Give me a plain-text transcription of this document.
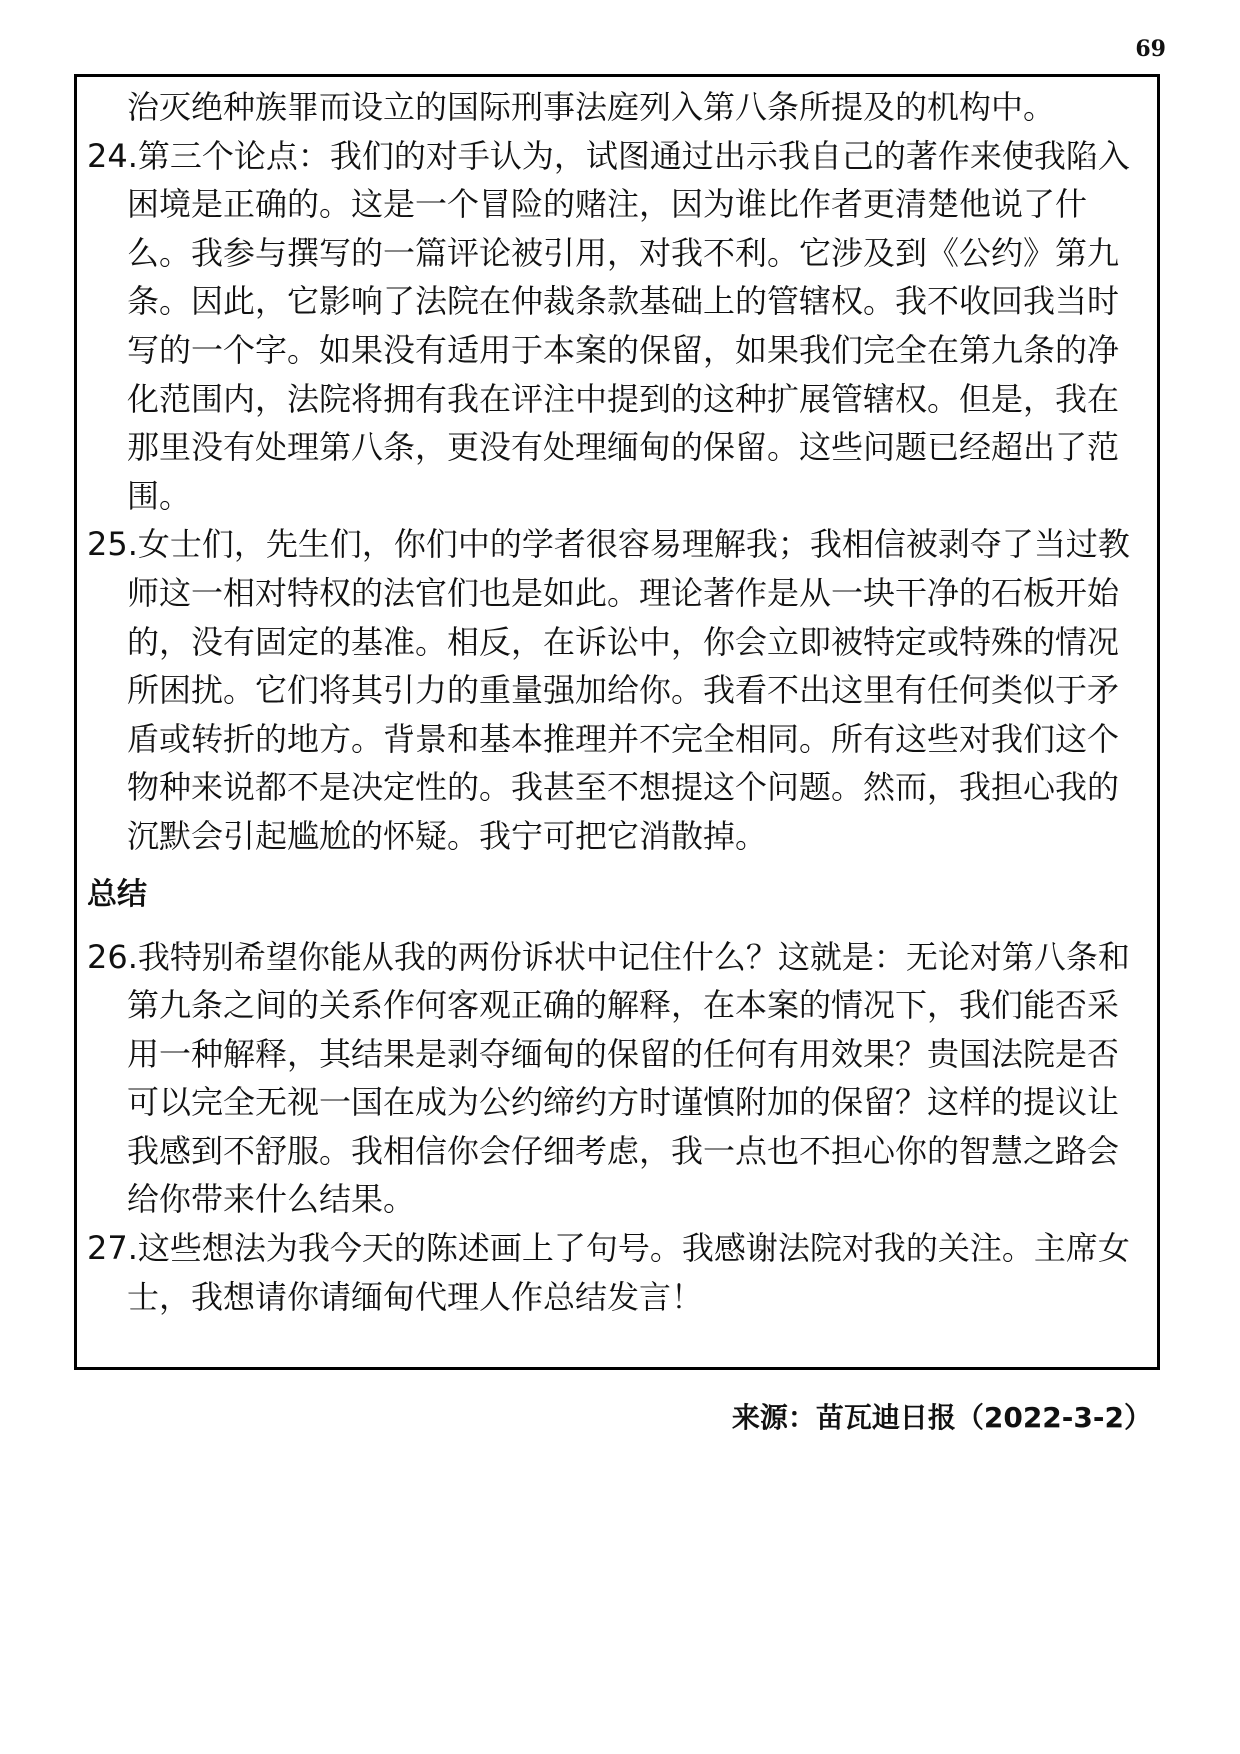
69

治灭绝种族罪而设立的国际刑事法庭列入第八条所提及的机构中。

24.第三个论点：我们的对手认为，试图通过出示我自己的著作来使我陷入困境是正确的。这是一个冒险的赌注，因为谁比作者更清楚他说了什么。我参与撰写的一篇评论被引用，对我不利。它涉及到《公约》第九条。因此，它影响了法院在仲裁条款基础上的管辖权。我不收回我当时写的一个字。如果没有适用于本案的保留，如果我们完全在第九条的净化范围内，法院将拥有我在评注中提到的这种扩展管辖权。但是，我在那里没有处理第八条，更没有处理缅甸的保留。这些问题已经超出了范围。

25.女士们，先生们，你们中的学者很容易理解我；我相信被剥夺了当过教师这一相对特权的法官们也是如此。理论著作是从一块干净的石板开始的，没有固定的基准。相反，在诉讼中，你会立即被特定或特殊的情况所困扰。它们将其引力的重量强加给你。我看不出这里有任何类似于矛盾或转折的地方。背景和基本推理并不完全相同。所有这些对我们这个物种来说都不是决定性的。我甚至不想提这个问题。然而，我担心我的沉默会引起尴尬的怀疑。我宁可把它消散掉。

总结

26.我特别希望你能从我的两份诉状中记住什么？这就是：无论对第八条和第九条之间的关系作何客观正确的解释，在本案的情况下，我们能否采用一种解释，其结果是剥夺缅甸的保留的任何有用效果？贵国法院是否可以完全无视一国在成为公约缔约方时谨慎附加的保留？这样的提议让我感到不舒服。我相信你会仔细考虑，我一点也不担心你的智慧之路会给你带来什么结果。

27.这些想法为我今天的陈述画上了句号。我感谢法院对我的关注。主席女士，我想请你请缅甸代理人作总结发言！

来源：苗瓦迪日报（2022-3-2）
